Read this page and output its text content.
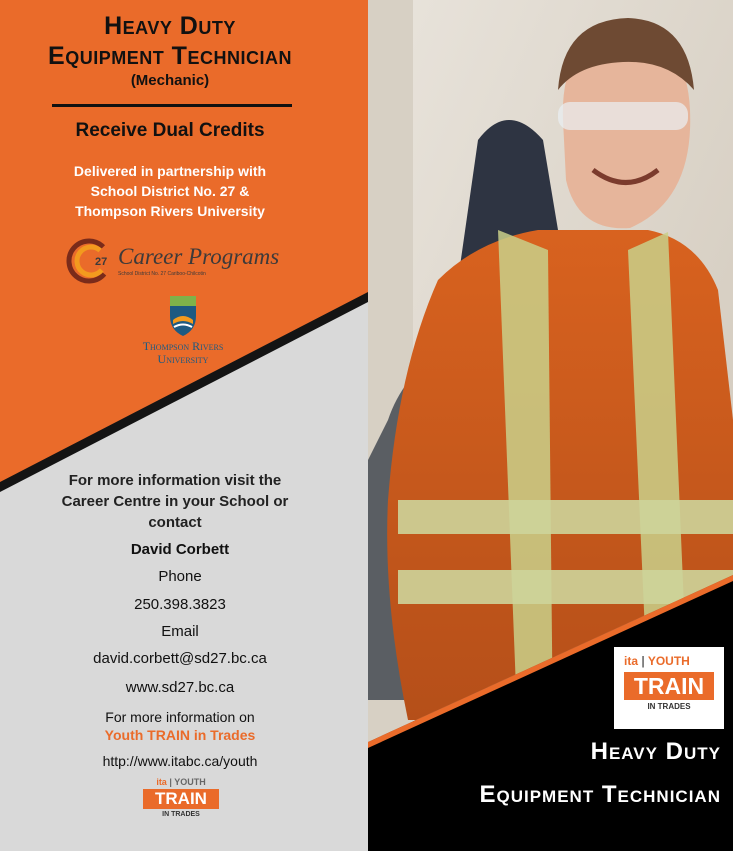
Heavy Duty
Equipment Technician
(Mechanic)
Receive Dual Credits
Delivered in partnership with
School District No. 27 &
Thompson Rivers University
27 Career Programs
School District No. 27 Cariboo-Chilcotin
Thompson Rivers
University
For more information visit the
Career Centre in your School or
contact
David Corbett
Phone
250.398.3823
Email
david.corbett@sd27.bc.ca
www.sd27.bc.ca
For more information on
Youth TRAIN in Trades
http://www.itabc.ca/youth
ita | YOUTH
TRAIN
IN TRADES
ita | YOUTH
TRAIN
IN TRADES
Heavy Duty
Equipment Technician
